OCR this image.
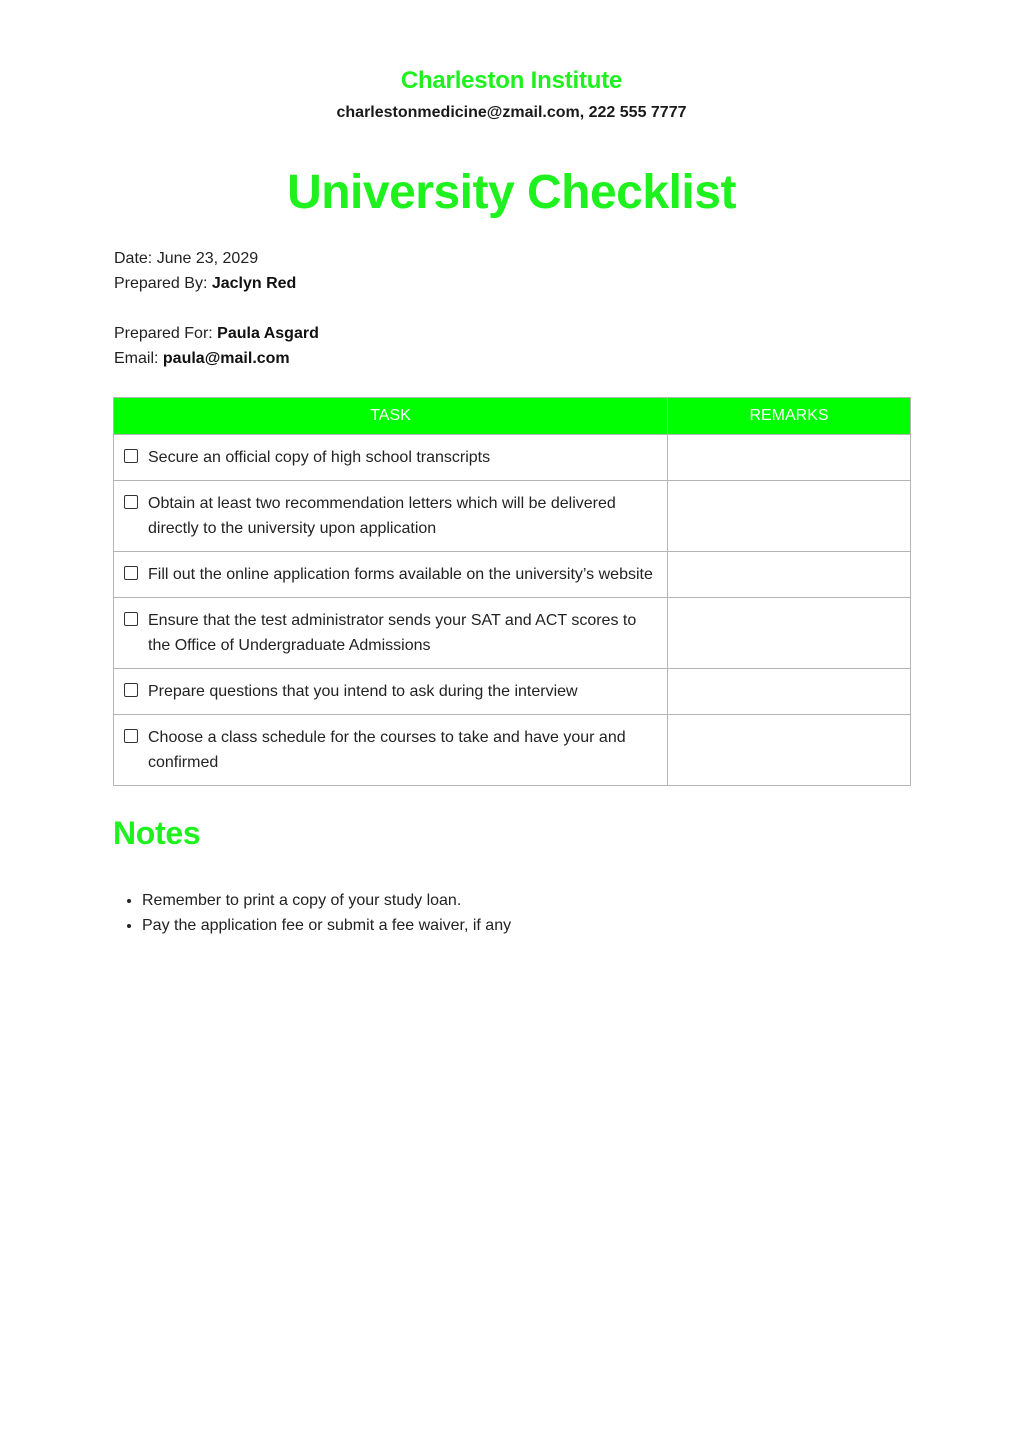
Charleston Institute
charlestonmedicine@zmail.com, 222 555 7777
University Checklist
Date: June 23, 2029
Prepared By: Jaclyn Red
Prepared For: Paula Asgard
Email: paula@mail.com
TASK	REMARKS

Secure an official copy of high school transcripts	

Obtain at least two recommendation letters which will be delivered directly to the university upon application	

Fill out the online application forms available on the university’s website	

Ensure that the test administrator sends your SAT and ACT scores to the Office of Undergraduate Admissions	

Prepare questions that you intend to ask during the interview	

Choose a class schedule for the courses to take and have your and confirmed	

Notes
• Remember to print a copy of your study loan.
• Pay the application fee or submit a fee waiver, if any
